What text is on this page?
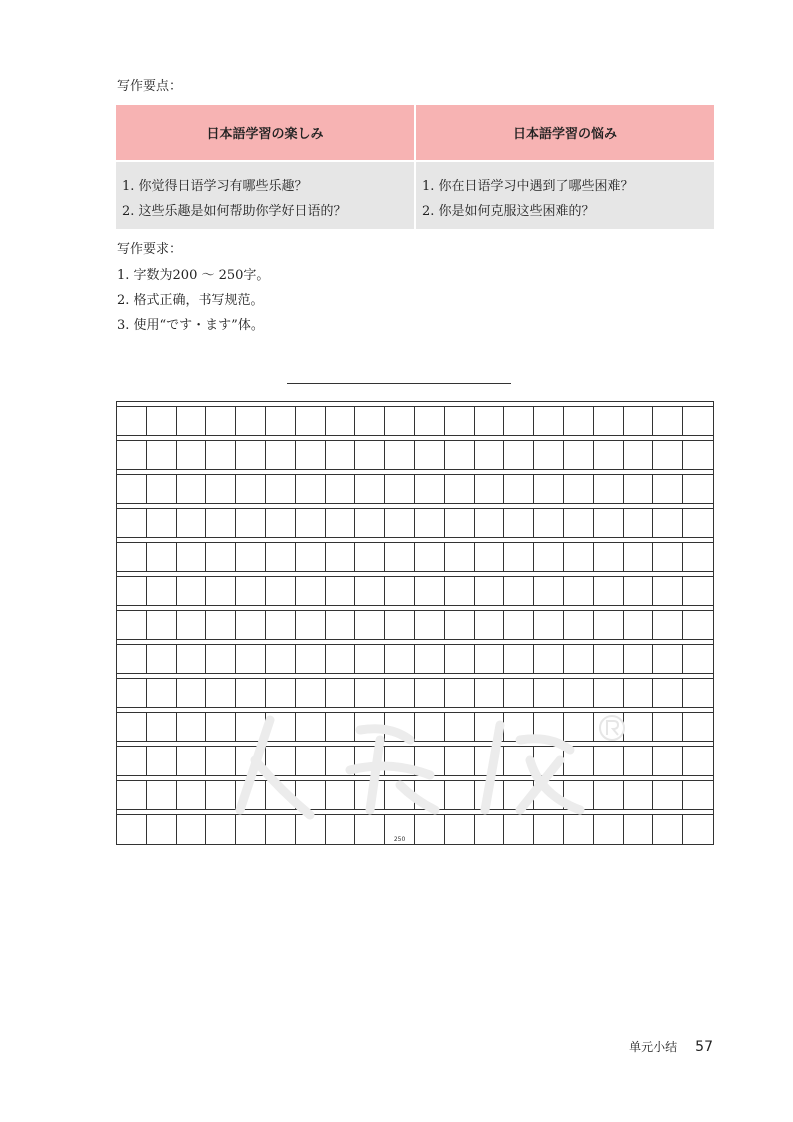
写作要点：
日本語学習の楽しみ
1. 你觉得日语学习有哪些乐趣？
2. 这些乐趣是如何帮助你学好日语的？
日本語学習の悩み
1. 你在日语学习中遇到了哪些困难？
2. 你是如何克服这些困难的？
写作要求：
1. 字数为200 ～ 250字。
2. 格式正确，书写规范。
3. 使用“です・ます”体。
250
单元小结 57
